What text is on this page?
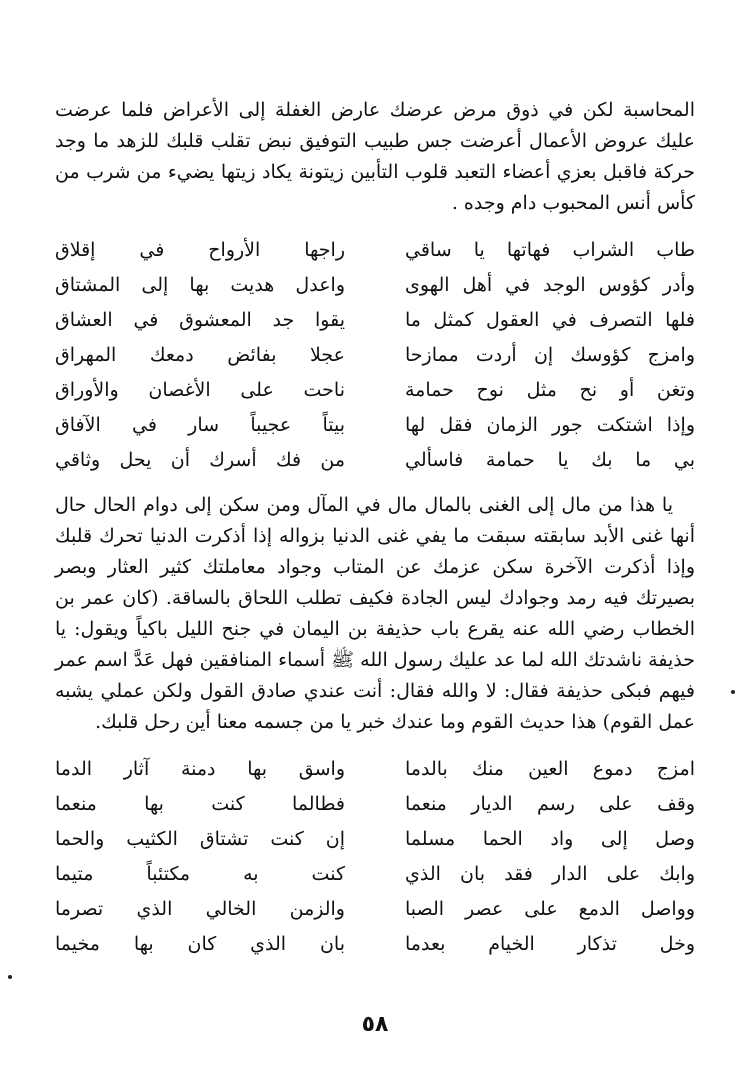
المحاسبة لكن في ذوق مرض عرضك عارض الغفلة إلى الأعراض فلما عرضت عليك عروض الأعمال أعرضت جس طبيب التوفيق نبض تقلب قلبك للزهد ما وجد حركة فاقبل بعزي أعضاء التعبد قلوب التأبين زيتونة يكاد زيتها يضيء من شرب من كأس أنس المحبوب دام وجده .

طاب الشراب فهاتها يا ساقي
راجها الأرواح في إقلاق
وأدر كؤوس الوجد في أهل الهوى
واعدل هديت بها إلى المشتاق
فلها التصرف في العقول كمثل ما
يقوا جد المعشوق في العشاق
وامزج كؤوسك إن أردت ممازحا
عجلا بفائض دمعك المهراق
وتغن أو نح مثل نوح حمامة
ناحت على الأغصان والأوراق
وإذا اشتكت جور الزمان فقل لها
بيتاً عجيباً سار في الآفاق
بي ما بك يا حمامة فاسألي
من فك أسرك أن يحل وثاقي

يا هذا من مال إلى الغنى بالمال مال في المآل ومن سكن إلى دوام الحال حال أنها غنى الأبد سابقته سبقت ما يفي غنى الدنيا بزواله إذا أذكرت الدنيا تحرك قلبك وإذا أذكرت الآخرة سكن عزمك عن المتاب وجواد معاملتك كثير العثار وبصر بصيرتك فيه رمد وجوادك ليس الجادة فكيف تطلب اللحاق بالساقة. (كان عمر بن الخطاب رضي الله عنه يقرع باب حذيفة بن اليمان في جنح الليل باكياً ويقول: يا حذيفة ناشدتك الله لما عد عليك رسول الله ﷺ أسماء المنافقين فهل عَدَّ اسم عمر فيهم فبكى حذيفة فقال: لا والله فقال: أنت عندي صادق القول ولكن عملي يشبه عمل القوم) هذا حديث القوم وما عندك خبر يا من جسمه معنا أين رحل قلبك.

امزج دموع العين منك بالدما
واسق بها دمنة آثار الدما
وقف على رسم الديار منعما
فطالما كنت بها منعما
وصل إلى واد الحما مسلما
إن كنت تشتاق الكثيب والحما
وابك على الدار فقد بان الذي
كنت به مكتئباً متيما
وواصل الدمع على عصر الصبا
والزمن الخالي الذي تصرما
وخل تذكار الخيام بعدما
بان الذي كان بها مخيما
٥٨
